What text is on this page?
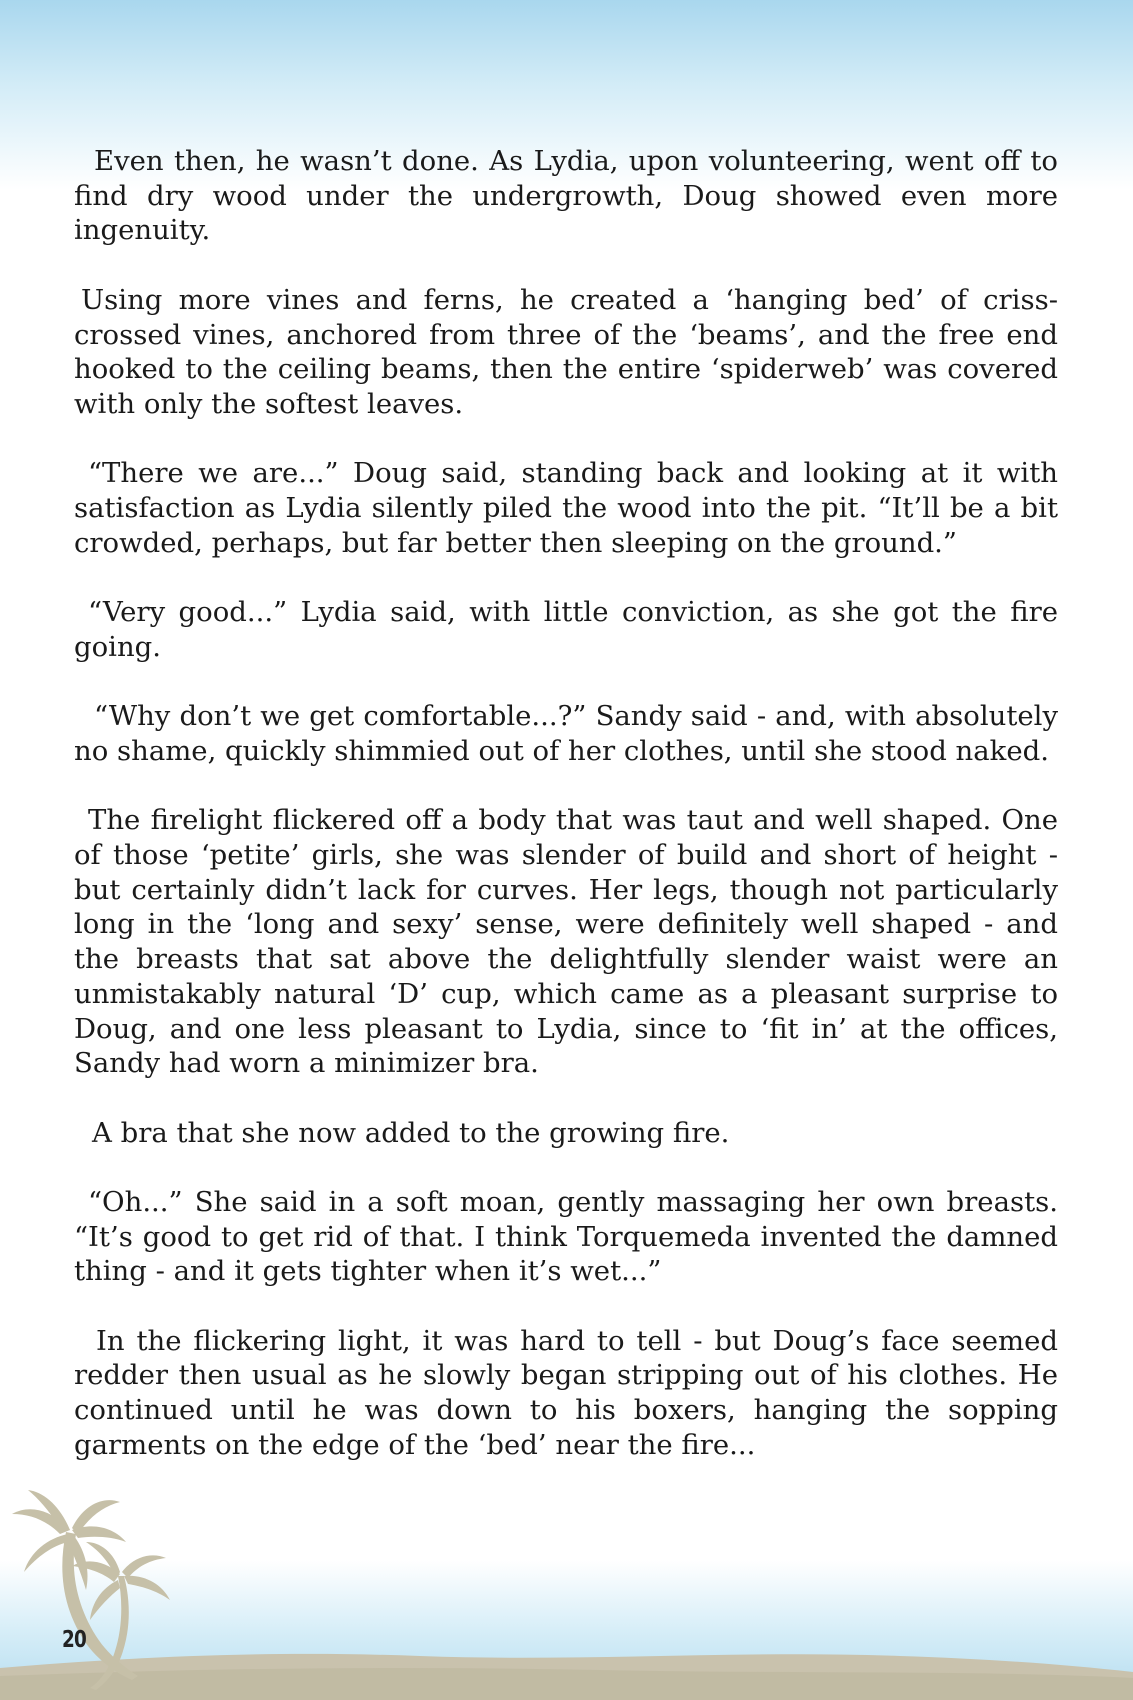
Even then, he wasn’t done. As Lydia, upon volunteering, went off to find dry wood under the undergrowth, Doug showed even more ingenuity.

Using more vines and ferns, he created a ‘hanging bed’ of criss-crossed vines, anchored from three of the ‘beams’, and the free end hooked to the ceiling beams, then the entire ‘spiderweb’ was covered with only the softest leaves.

“There we are...” Doug said, standing back and looking at it with satisfaction as Lydia silently piled the wood into the pit. “It’ll be a bit crowded, perhaps, but far better then sleeping on the ground.”

“Very good...” Lydia said, with little conviction, as she got the fire going.

“Why don’t we get comfortable...?” Sandy said - and, with absolutely no shame, quickly shimmied out of her clothes, until she stood naked.

The firelight flickered off a body that was taut and well shaped. One of those ‘petite’ girls, she was slender of build and short of height - but certainly didn’t lack for curves. Her legs, though not particularly long in the ‘long and sexy’ sense, were definitely well shaped - and the breasts that sat above the delightfully slender waist were an unmistakably natural ‘D’ cup, which came as a pleasant surprise to Doug, and one less pleasant to Lydia, since to ‘fit in’ at the offices, Sandy had worn a minimizer bra.

A bra that she now added to the growing fire.

“Oh...” She said in a soft moan, gently massaging her own breasts. “It’s good to get rid of that. I think Torquemeda invented the damned thing - and it gets tighter when it’s wet...”

In the flickering light, it was hard to tell - but Doug’s face seemed redder then usual as he slowly began stripping out of his clothes. He continued until he was down to his boxers, hanging the sopping garments on the edge of the ‘bed’ near the fire...

20
